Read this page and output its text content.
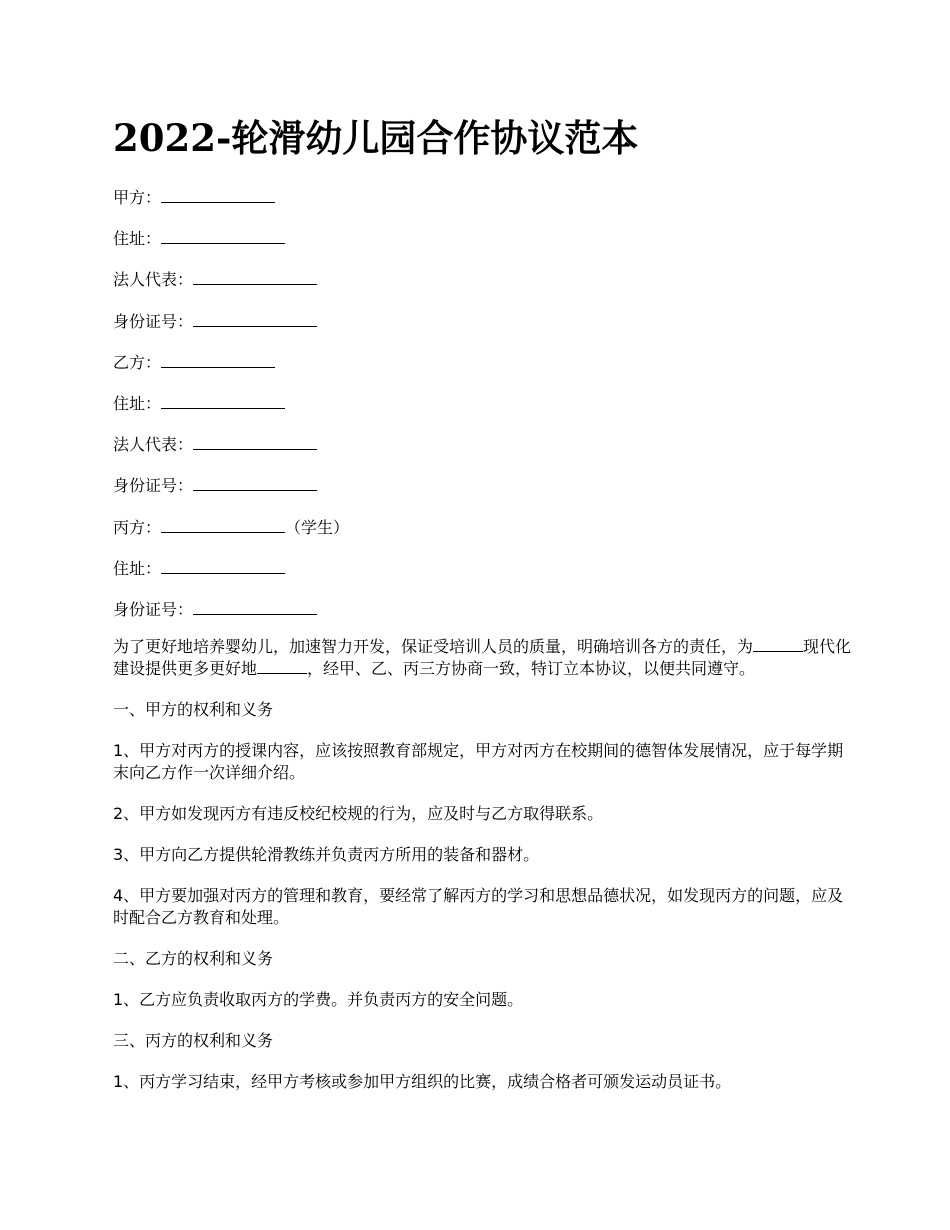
2022-轮滑幼儿园合作协议范本
甲方：
住址：
法人代表：
身份证号：
乙方：
住址：
法人代表：
身份证号：
丙方：	（学生）
住址：
身份证号：

为了更好地培养婴幼儿，加速智力开发，保证受培训人员的质量，明确培训各方的责任，为	现代化建设提供更多更好地	，经甲、乙、丙三方协商一致，特订立本协议，以便共同遵守。

一、甲方的权利和义务

1、甲方对丙方的授课内容，应该按照教育部规定，甲方对丙方在校期间的德智体发展情况，应于每学期末向乙方作一次详细介绍。

2、甲方如发现丙方有违反校纪校规的行为，应及时与乙方取得联系。

3、甲方向乙方提供轮滑教练并负责丙方所用的装备和器材。

4、甲方要加强对丙方的管理和教育，要经常了解丙方的学习和思想品德状况，如发现丙方的问题，应及时配合乙方教育和处理。

二、乙方的权利和义务

1、乙方应负责收取丙方的学费。并负责丙方的安全问题。

三、丙方的权利和义务

1、丙方学习结束，经甲方考核或参加甲方组织的比赛，成绩合格者可颁发运动员证书。
